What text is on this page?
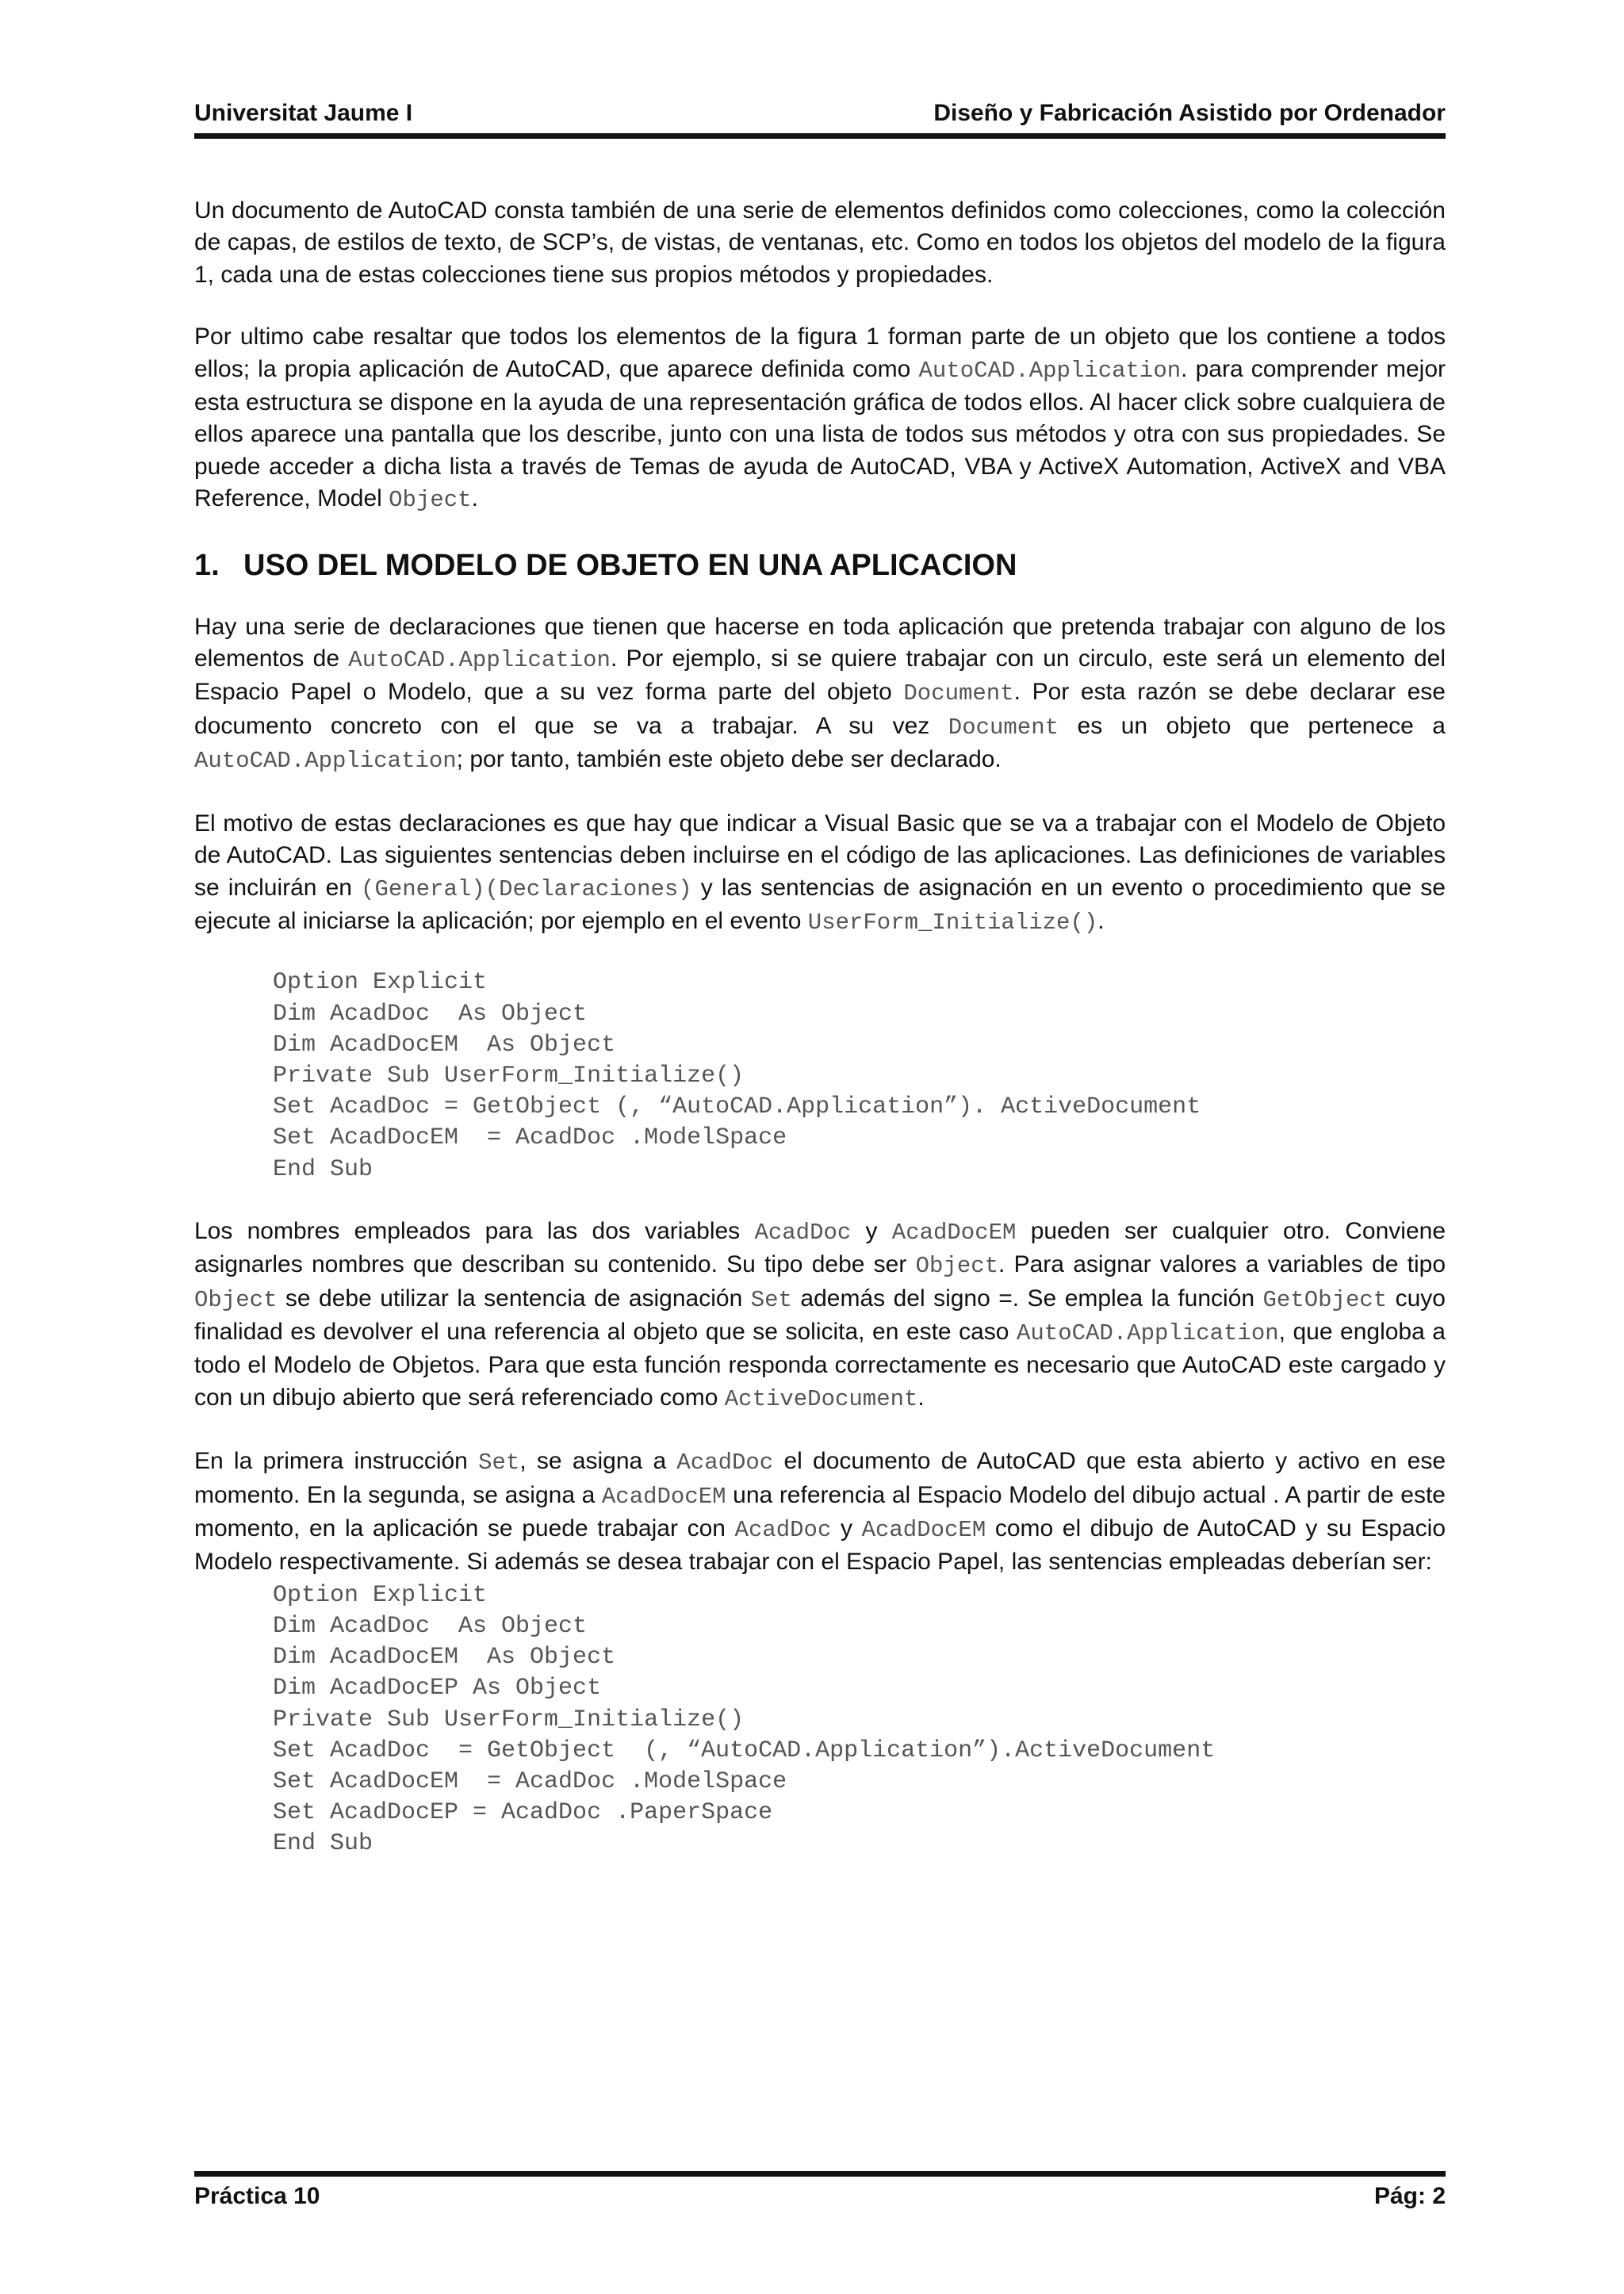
Universitat Jaume I	Diseño y Fabricación Asistido por Ordenador

Un documento de AutoCAD consta también de una serie de elementos definidos como colecciones, como la colección de capas, de estilos de texto, de SCP’s, de vistas, de ventanas, etc. Como en todos los objetos del modelo de la figura 1, cada una de estas colecciones tiene sus propios métodos y propiedades.

Por ultimo cabe resaltar que todos los elementos de la figura 1 forman parte de un objeto que los contiene a todos ellos; la propia aplicación de AutoCAD, que aparece definida como AutoCAD.Application. para comprender mejor esta estructura se dispone en la ayuda de una representación gráfica de todos ellos. Al hacer click sobre cualquiera de ellos aparece una pantalla que los describe, junto con una lista de todos sus métodos y otra con sus propiedades. Se puede acceder a dicha lista a través de Temas de ayuda de AutoCAD, VBA y ActiveX Automation, ActiveX and VBA Reference, Model Object.

1. USO DEL MODELO DE OBJETO EN UNA APLICACION

Hay una serie de declaraciones que tienen que hacerse en toda aplicación que pretenda trabajar con alguno de los elementos de AutoCAD.Application. Por ejemplo, si se quiere trabajar con un circulo, este será un elemento del Espacio Papel o Modelo, que a su vez forma parte del objeto Document. Por esta razón se debe declarar ese documento concreto con el que se va a trabajar. A su vez Document es un objeto que pertenece a AutoCAD.Application; por tanto, también este objeto debe ser declarado.

El motivo de estas declaraciones es que hay que indicar a Visual Basic que se va a trabajar con el Modelo de Objeto de AutoCAD. Las siguientes sentencias deben incluirse en el código de las aplicaciones. Las definiciones de variables se incluirán en (General)(Declaraciones) y las sentencias de asignación en un evento o procedimiento que se ejecute al iniciarse la aplicación; por ejemplo en el evento UserForm_Initialize().

Option Explicit
Dim AcadDoc  As Object
Dim AcadDocEM  As Object
Private Sub UserForm_Initialize()
Set AcadDoc = GetObject (, “AutoCAD.Application”). ActiveDocument
Set AcadDocEM  = AcadDoc .ModelSpace
End Sub

Los nombres empleados para las dos variables AcadDoc y AcadDocEM pueden ser cualquier otro. Conviene asignarles nombres que describan su contenido. Su tipo debe ser Object. Para asignar valores a variables de tipo Object se debe utilizar la sentencia de asignación Set además del signo =. Se emplea la función GetObject cuyo finalidad es devolver el una referencia al objeto que se solicita, en este caso AutoCAD.Application, que engloba a todo el Modelo de Objetos. Para que esta función responda correctamente es necesario que AutoCAD este cargado y con un dibujo abierto que será referenciado como ActiveDocument.

En la primera instrucción Set, se asigna a AcadDoc el documento de AutoCAD que esta abierto y activo en ese momento. En la segunda, se asigna a AcadDocEM una referencia al Espacio Modelo del dibujo actual . A partir de este momento, en la aplicación se puede trabajar con AcadDoc y AcadDocEM como el dibujo de AutoCAD y su Espacio Modelo respectivamente. Si además se desea trabajar con el Espacio Papel, las sentencias empleadas deberían ser:

Option Explicit
Dim AcadDoc  As Object
Dim AcadDocEM  As Object
Dim AcadDocEP As Object
Private Sub UserForm_Initialize()
Set AcadDoc  = GetObject  (, “AutoCAD.Application”).ActiveDocument
Set AcadDocEM  = AcadDoc .ModelSpace
Set AcadDocEP = AcadDoc .PaperSpace
End Sub
Práctica 10	Pág: 2
